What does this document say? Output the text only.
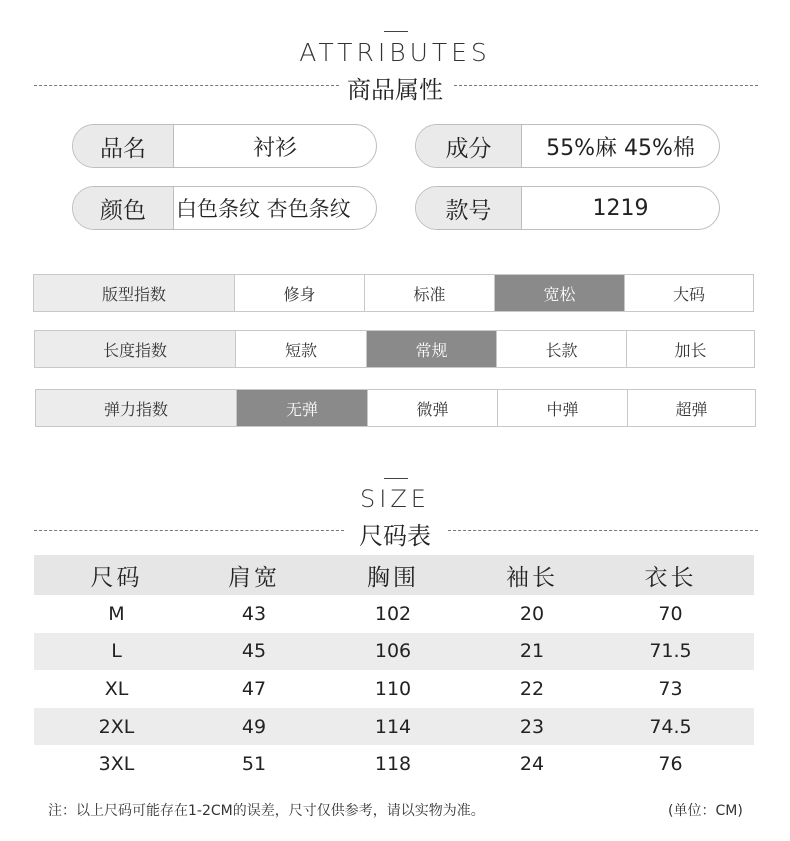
ATTRIBUTES
商品属性
品名	衬衫	成分	55%麻 45%棉
颜色	白色条纹 杏色条纹	款号	1219
版型指数	修身	标准	宽松	大码
长度指数	短款	常规	长款	加长
弹力指数	无弹	微弹	中弹	超弹
SIZE
尺码表
尺码	肩宽	胸围	袖长	衣长
M	43	102	20	70
L	45	106	21	71.5
XL	47	110	22	73
2XL	49	114	23	74.5
3XL	51	118	24	76
注：以上尺码可能存在1-2CM的误差，尺寸仅供参考，请以实物为准。	(单位：CM)
